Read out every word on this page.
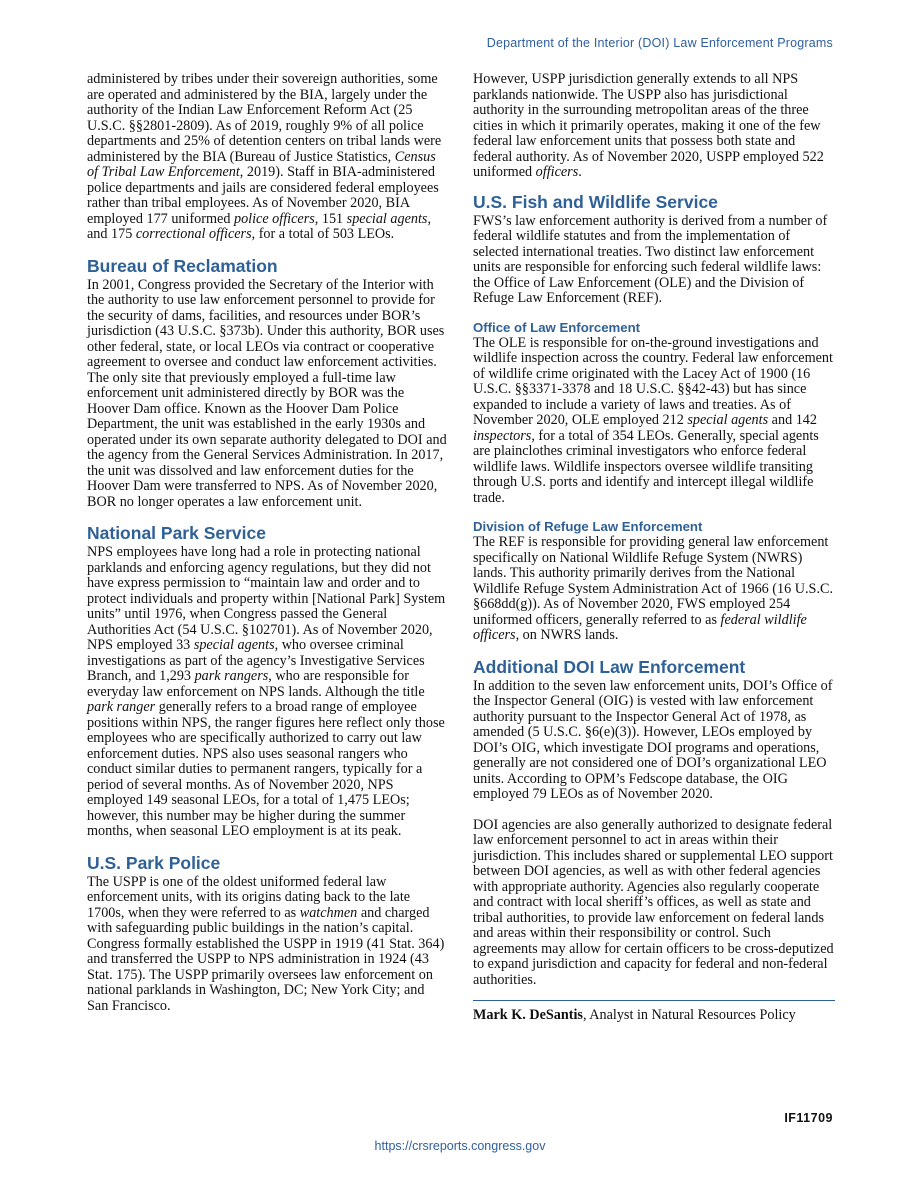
Department of the Interior (DOI) Law Enforcement Programs

administered by tribes under their sovereign authorities, some are operated and administered by the BIA, largely under the authority of the Indian Law Enforcement Reform Act (25 U.S.C. §§2801-2809). As of 2019, roughly 9% of all police departments and 25% of detention centers on tribal lands were administered by the BIA (Bureau of Justice Statistics, Census of Tribal Law Enforcement, 2019). Staff in BIA-administered police departments and jails are considered federal employees rather than tribal employees. As of November 2020, BIA employed 177 uniformed police officers, 151 special agents, and 175 correctional officers, for a total of 503 LEOs.

Bureau of Reclamation

In 2001, Congress provided the Secretary of the Interior with the authority to use law enforcement personnel to provide for the security of dams, facilities, and resources under BOR’s jurisdiction (43 U.S.C. §373b). Under this authority, BOR uses other federal, state, or local LEOs via contract or cooperative agreement to oversee and conduct law enforcement activities. The only site that previously employed a full-time law enforcement unit administered directly by BOR was the Hoover Dam office. Known as the Hoover Dam Police Department, the unit was established in the early 1930s and operated under its own separate authority delegated to DOI and the agency from the General Services Administration. In 2017, the unit was dissolved and law enforcement duties for the Hoover Dam were transferred to NPS. As of November 2020, BOR no longer operates a law enforcement unit.

National Park Service

NPS employees have long had a role in protecting national parklands and enforcing agency regulations, but they did not have express permission to “maintain law and order and to protect individuals and property within [National Park] System units” until 1976, when Congress passed the General Authorities Act (54 U.S.C. §102701). As of November 2020, NPS employed 33 special agents, who oversee criminal investigations as part of the agency’s Investigative Services Branch, and 1,293 park rangers, who are responsible for everyday law enforcement on NPS lands. Although the title park ranger generally refers to a broad range of employee positions within NPS, the ranger figures here reflect only those employees who are specifically authorized to carry out law enforcement duties. NPS also uses seasonal rangers who conduct similar duties to permanent rangers, typically for a period of several months. As of November 2020, NPS employed 149 seasonal LEOs, for a total of 1,475 LEOs; however, this number may be higher during the summer months, when seasonal LEO employment is at its peak.

U.S. Park Police

The USPP is one of the oldest uniformed federal law enforcement units, with its origins dating back to the late 1700s, when they were referred to as watchmen and charged with safeguarding public buildings in the nation’s capital. Congress formally established the USPP in 1919 (41 Stat. 364) and transferred the USPP to NPS administration in 1924 (43 Stat. 175). The USPP primarily oversees law enforcement on national parklands in Washington, DC; New York City; and San Francisco.

However, USPP jurisdiction generally extends to all NPS parklands nationwide. The USPP also has jurisdictional authority in the surrounding metropolitan areas of the three cities in which it primarily operates, making it one of the few federal law enforcement units that possess both state and federal authority. As of November 2020, USPP employed 522 uniformed officers.

U.S. Fish and Wildlife Service

FWS’s law enforcement authority is derived from a number of federal wildlife statutes and from the implementation of selected international treaties. Two distinct law enforcement units are responsible for enforcing such federal wildlife laws: the Office of Law Enforcement (OLE) and the Division of Refuge Law Enforcement (REF).

Office of Law Enforcement

The OLE is responsible for on-the-ground investigations and wildlife inspection across the country. Federal law enforcement of wildlife crime originated with the Lacey Act of 1900 (16 U.S.C. §§3371-3378 and 18 U.S.C. §§42-43) but has since expanded to include a variety of laws and treaties. As of November 2020, OLE employed 212 special agents and 142 inspectors, for a total of 354 LEOs. Generally, special agents are plainclothes criminal investigators who enforce federal wildlife laws. Wildlife inspectors oversee wildlife transiting through U.S. ports and identify and intercept illegal wildlife trade.

Division of Refuge Law Enforcement

The REF is responsible for providing general law enforcement specifically on National Wildlife Refuge System (NWRS) lands. This authority primarily derives from the National Wildlife Refuge System Administration Act of 1966 (16 U.S.C. §668dd(g)). As of November 2020, FWS employed 254 uniformed officers, generally referred to as federal wildlife officers, on NWRS lands.

Additional DOI Law Enforcement

In addition to the seven law enforcement units, DOI’s Office of the Inspector General (OIG) is vested with law enforcement authority pursuant to the Inspector General Act of 1978, as amended (5 U.S.C. §6(e)(3)). However, LEOs employed by DOI’s OIG, which investigate DOI programs and operations, generally are not considered one of DOI’s organizational LEO units. According to OPM’s Fedscope database, the OIG employed 79 LEOs as of November 2020.

DOI agencies are also generally authorized to designate federal law enforcement personnel to act in areas within their jurisdiction. This includes shared or supplemental LEO support between DOI agencies, as well as with other federal agencies with appropriate authority. Agencies also regularly cooperate and contract with local sheriff’s offices, as well as state and tribal authorities, to provide law enforcement on federal lands and areas within their responsibility or control. Such agreements may allow for certain officers to be cross-deputized to expand jurisdiction and capacity for federal and non-federal authorities.

Mark K. DeSantis, Analyst in Natural Resources Policy

IF11709
https://crsreports.congress.gov
